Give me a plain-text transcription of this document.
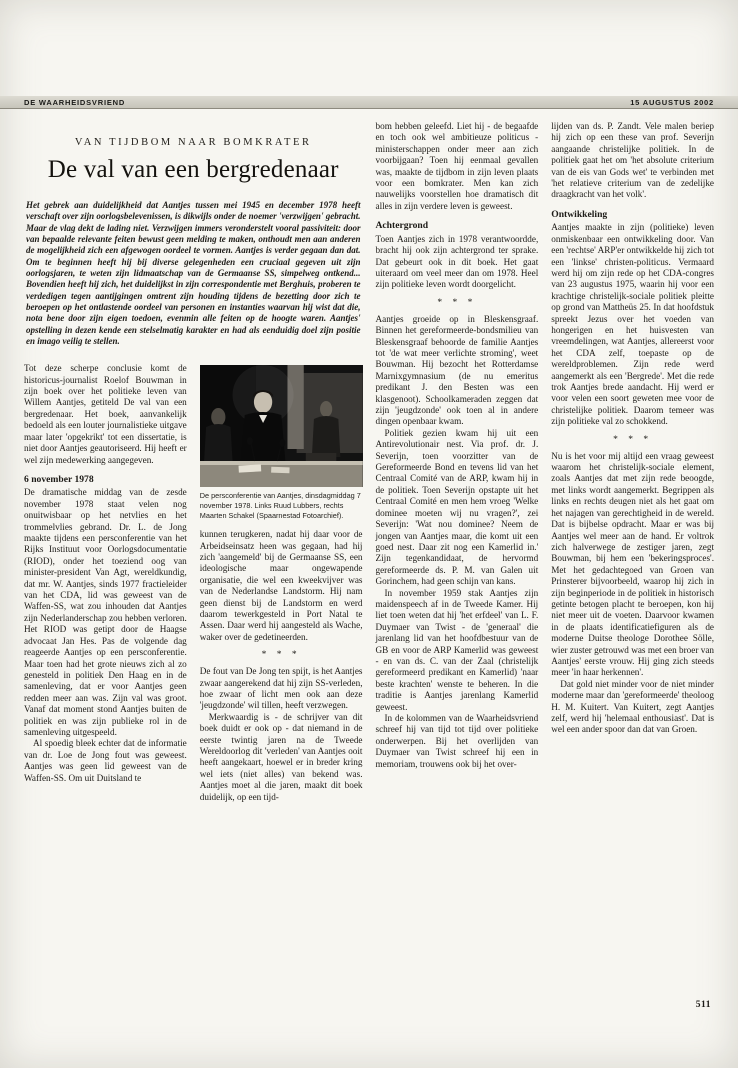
DE WAARHEIDSVRIEND	15 AUGUSTUS 2002
VAN TIJDBOM NAAR BOMKRATER
De val van een bergredenaar

Het gebrek aan duidelijkheid dat Aantjes tussen mei 1945 en december 1978 heeft verschaft over zijn oorlogsbelevenissen, is dikwijls onder de noemer 'verzwijgen' gebracht. Maar de vlag dekt de lading niet. Verzwijgen immers veronderstelt vooral passiviteit: door van bepaalde relevante feiten bewust geen melding te maken, onthoudt men aan anderen de mogelijkheid zich een afgewogen oordeel te vormen. Aantjes is verder gegaan dan dat. Om te beginnen heeft hij bij diverse gelegenheden een cruciaal gegeven uit zijn oorlogsjaren, te weten zijn lidmaatschap van de Germaanse SS, simpelweg ontkend... Bovendien heeft hij zich, het duidelijkst in zijn correspondentie met Berghuis, proberen te verdedigen tegen aantijgingen omtrent zijn houding tijdens de bezetting door zich te beroepen op het ontlastende oordeel van personen en instanties waarvan hij wist dat die, nota bene door zijn eigen toedoen, evenmin alle feiten op de hoogte waren. Aantjes' opstelling in dezen kende een stelselmatig karakter en had als eenduidig doel zijn positie en imago veilig te stellen.

Tot deze scherpe conclusie komt de historicus-journalist Roelof Bouwman in zijn boek over het politieke leven van Willem Aantjes, getiteld De val van een bergredenaar. Het boek, aanvankelijk bedoeld als een louter journalistieke uitgave maar later 'opgekrikt' tot een dissertatie, is niet door Aantjes geautoriseerd. Hij heeft er wel zijn medewerking aangegeven.

6 november 1978

De dramatische middag van de zesde november 1978 staat velen nog onuitwisbaar op het netvlies en het trommelvlies gebrand. Dr. L. de Jong maakte tijdens een persconferentie van het Rijks Instituut voor Oorlogsdocumentatie (RIOD), onder het toeziend oog van minister-president Van Agt, wereldkundig, dat mr. W. Aantjes, sinds 1977 fractieleider van het CDA, lid was geweest van de Waffen-SS, wat zou inhouden dat Aantjes zijn Nederlanderschap zou hebben verloren. Het RIOD was getipt door de Haagse advocaat Jan Hes. Pas de volgende dag reageerde Aantjes op een persconferentie. Maar toen had het grote nieuws zich al zo genesteld in politiek Den Haag en in de samenleving, dat er voor Aantjes geen redden meer aan was. Zijn val was groot. Vanaf dat moment stond Aantjes buiten de politiek en was zijn publieke rol in de samenleving uitgespeeld.

Al spoedig bleek echter dat de informatie van dr. Loe de Jong fout was geweest. Aantjes was geen lid geweest van de Waffen-SS. Om uit Duitsland te

De persconferentie van Aantjes, dinsdagmiddag 7 november 1978. Links Ruud Lubbers, rechts Maarten Schakel (Spaarnestad Fotoarchief).

kunnen terugkeren, nadat hij daar voor de Arbeidseinsatz heen was gegaan, had hij zich 'aangemeld' bij de Germaanse SS, een ideologische maar ongewapende organisatie, die wel een kweekvijver was van de Nederlandse Landstorm. Hij nam geen dienst bij de Landstorm en werd daarom tewerkgesteld in Port Natal te Assen. Daar werd hij aangesteld als Wache, waker over de gedetineerden.

* * *

De fout van De Jong ten spijt, is het Aantjes zwaar aangerekend dat hij zijn SS-verleden, hoe zwaar of licht men ook aan deze 'jeugdzonde' wil tillen, heeft verzwegen.

Merkwaardig is - de schrijver van dit boek duidt er ook op - dat niemand in de eerste twintig jaren na de Tweede Wereldoorlog dit 'verleden' van Aantjes ooit heeft aangekaart, hoewel er in breder kring wel iets (niet alles) van bekend was. Aantjes moet al die jaren, maakt dit boek duidelijk, op een tijd-

bom hebben geleefd. Liet hij - de begaafde en toch ook wel ambitieuze politicus - ministerschappen onder meer aan zich voorbijgaan? Toen hij eenmaal gevallen was, maakte de tijdbom in zijn leven plaats voor een bomkrater. Men kan zich nauwelijks voorstellen hoe dramatisch dit alles in zijn verdere leven is geweest.

Achtergrond

Toen Aantjes zich in 1978 verantwoordde, bracht hij ook zijn achtergrond ter sprake. Dat gebeurt ook in dit boek. Het gaat uiteraard om veel meer dan om 1978. Heel zijn politieke leven wordt doorgelicht.

* * *

Aantjes groeide op in Bleskensgraaf. Binnen het gereformeerde-bondsmilieu van Bleskensgraaf behoorde de familie Aantjes tot 'de wat meer verlichte stroming', weet Bouwman. Hij bezocht het Rotterdamse Marnixgymnasium (de nu emeritus predikant J. den Besten was een klasgenoot). Schoolkameraden zeggen dat zijn 'jeugdzonde' ook toen al in andere dingen openbaar kwam.

Politiek gezien kwam hij uit een Antirevolutionair nest. Via prof. dr. J. Severijn, toen voorzitter van de Gereformeerde Bond en tevens lid van het Centraal Comité van de ARP, kwam hij in de politiek. Toen Severijn opstapte uit het Centraal Comité en men hem vroeg 'Welke dominee moeten wij nu vragen?', zei Severijn: 'Wat nou dominee? Neem de jongen van Aantjes maar, die komt uit een goed nest. Daar zit nog een Kamerlid in.' Zijn tegenkandidaat, de hervormd gereformeerde ds. P. M. van Galen uit Gorinchem, had geen schijn van kans.

In november 1959 stak Aantjes zijn maidenspeech af in de Tweede Kamer. Hij liet toen weten dat hij 'het erfdeel' van L. F. Duymaer van Twist - de 'generaal' die jarenlang lid van het hoofdbestuur van de GB en voor de ARP Kamerlid was geweest - en van ds. C. van der Zaal (christelijk gereformeerd predikant en Kamerlid) 'naar beste krachten' wenste te beheren. In die traditie is Aantjes jarenlang Kamerlid geweest.

In de kolommen van de Waarheidsvriend schreef hij van tijd tot tijd over politieke onderwerpen. Bij het overlijden van Duymaer van Twist schreef hij een in memoriam, trouwens ook bij het over-

lijden van ds. P. Zandt. Vele malen beriep hij zich op een these van prof. Severijn aangaande christelijke politiek. In de politiek gaat het om 'het absolute criterium van de eis van Gods wet' te verbinden met 'het relatieve criterium van de zedelijke draagkracht van het volk'.

Ontwikkeling

Aantjes maakte in zijn (politieke) leven onmiskenbaar een ontwikkeling door. Van een 'rechtse' ARP'er ontwikkelde hij zich tot een 'linkse' christen-politicus. Vermaard werd hij om zijn rede op het CDA-congres van 23 augustus 1975, waarin hij voor een krachtige christelijk-sociale politiek pleitte op grond van Mattheüs 25. In dat hoofdstuk spreekt Jezus over het voeden van hongerigen en het huisvesten van vreemdelingen, wat Aantjes, allereerst voor het CDA zelf, toepaste op de wereldproblemen. Zijn rede werd aangemerkt als een 'Bergrede'. Met die rede trok Aantjes brede aandacht. Hij werd er voor velen een soort geweten mee voor de christelijke politiek. Daarom temeer was zijn politieke val zo schokkend.

* * *

Nu is het voor mij altijd een vraag geweest waarom het christelijk-sociale element, zoals Aantjes dat met zijn rede beoogde, met links wordt aangemerkt. Begrippen als links en rechts deugen niet als het gaat om het najagen van gerechtigheid in de wereld. Dat is bijbelse opdracht. Maar er was bij Aantjes wel meer aan de hand. Er voltrok zich halverwege de zestiger jaren, zegt Bouwman, bij hem een 'bekeringsproces'. Met het gedachtegoed van Groen van Prinsterer bijvoorbeeld, waarop hij zich in zijn beginperiode in de politiek in historisch getinte betogen placht te beroepen, kon hij niet meer uit de voeten. Daarvoor kwamen in de plaats identificatiefiguren als de moderne Duitse theologe Dorothee Sölle, wier zuster getrouwd was met een broer van Aantjes' eerste vrouw. Hij ging zich steeds meer 'in haar herkennen'.

Dat gold niet minder voor de niet minder moderne maar dan 'gereformeerde' theoloog H. M. Kuitert. Van Kuitert, zegt Aantjes zelf, werd hij 'helemaal enthousiast'. Dat is wel een ander spoor dan dat van Groen.

511
